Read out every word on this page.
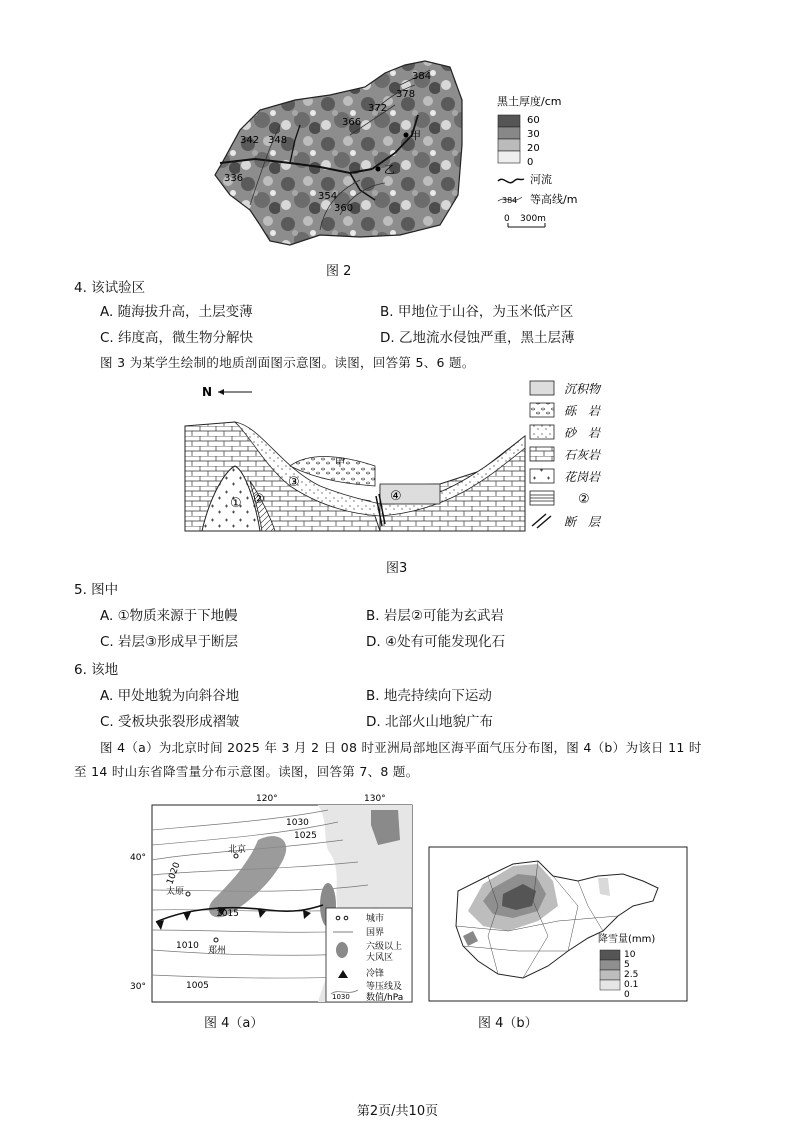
384
378
372
366
342 348
336
354
360
甲
乙
黑土厚度/cm
60
30
20
0
河流
384 等高线/m
0 300m
图 2
4. 该试验区
A. 随海拔升高，土层变薄	B. 甲地位于山谷，为玉米低产区
C. 纬度高，微生物分解快	D. 乙地流水侵蚀严重，黑土层薄
图 3 为某学生绘制的地质剖面图示意图。读图，回答第 5、6 题。
N
甲
① ②
③
④
沉积物
砾　岩
砂　岩
石灰岩
花岗岩
②
断　层
图3
5. 图中
A. ①物质来源于下地幔	B. 岩层②可能为玄武岩
C. 岩层③形成早于断层	D. ④处有可能发现化石
6. 该地
A. 甲处地貌为向斜谷地	B. 地壳持续向下运动
C. 受板块张裂形成褶皱	D. 北部火山地貌广布
图 4（a）为北京时间 2025 年 3 月 2 日 08 时亚洲局部地区海平面气压分布图，图 4（b）为该日 11 时
至 14 时山东省降雪量分布示意图。读图，回答第 7、8 题。
1030
1025
1020
1015
1010
1005
北京
太原
郑州
120°	130°
40°
30°
城市
国界
六级以上
大风区
冷锋
1030
等压线及
数值/hPa
图 4（a）
降雪量(mm)
10
5
2.5
0.1
0
图 4（b）
第2页/共10页
